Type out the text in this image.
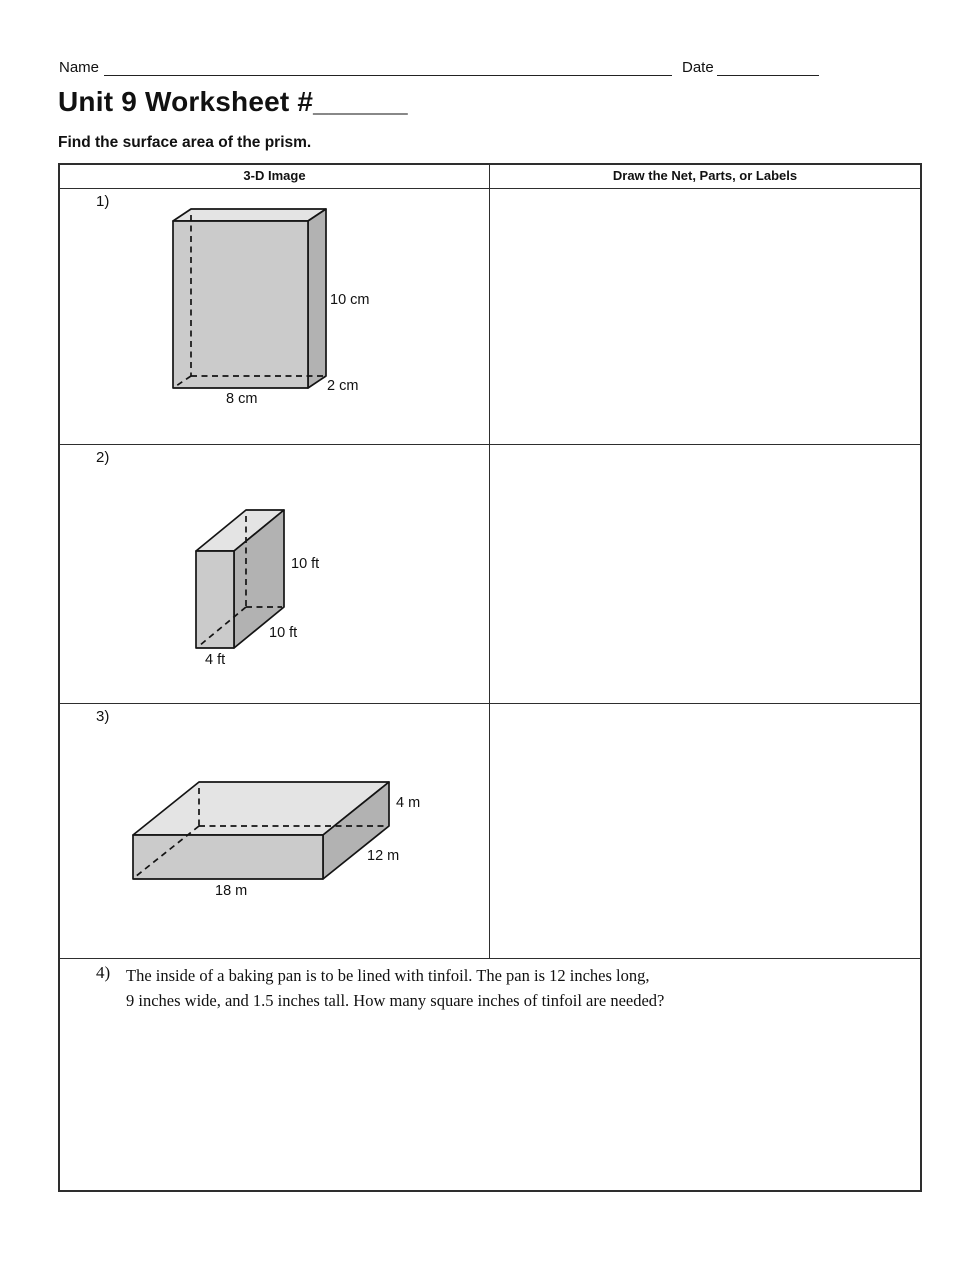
Name	Date
Unit 9 Worksheet #______
Find the surface area of the prism.
3-D Image	Draw the Net, Parts, or Labels
1)
10 cm
2 cm
8 cm
2)
10 ft
10 ft
4 ft
3)
4 m
12 m
18 m
4) The inside of a baking pan is to be lined with tinfoil. The pan is 12 inches long,
9 inches wide, and 1.5 inches tall. How many square inches of tinfoil are needed?
